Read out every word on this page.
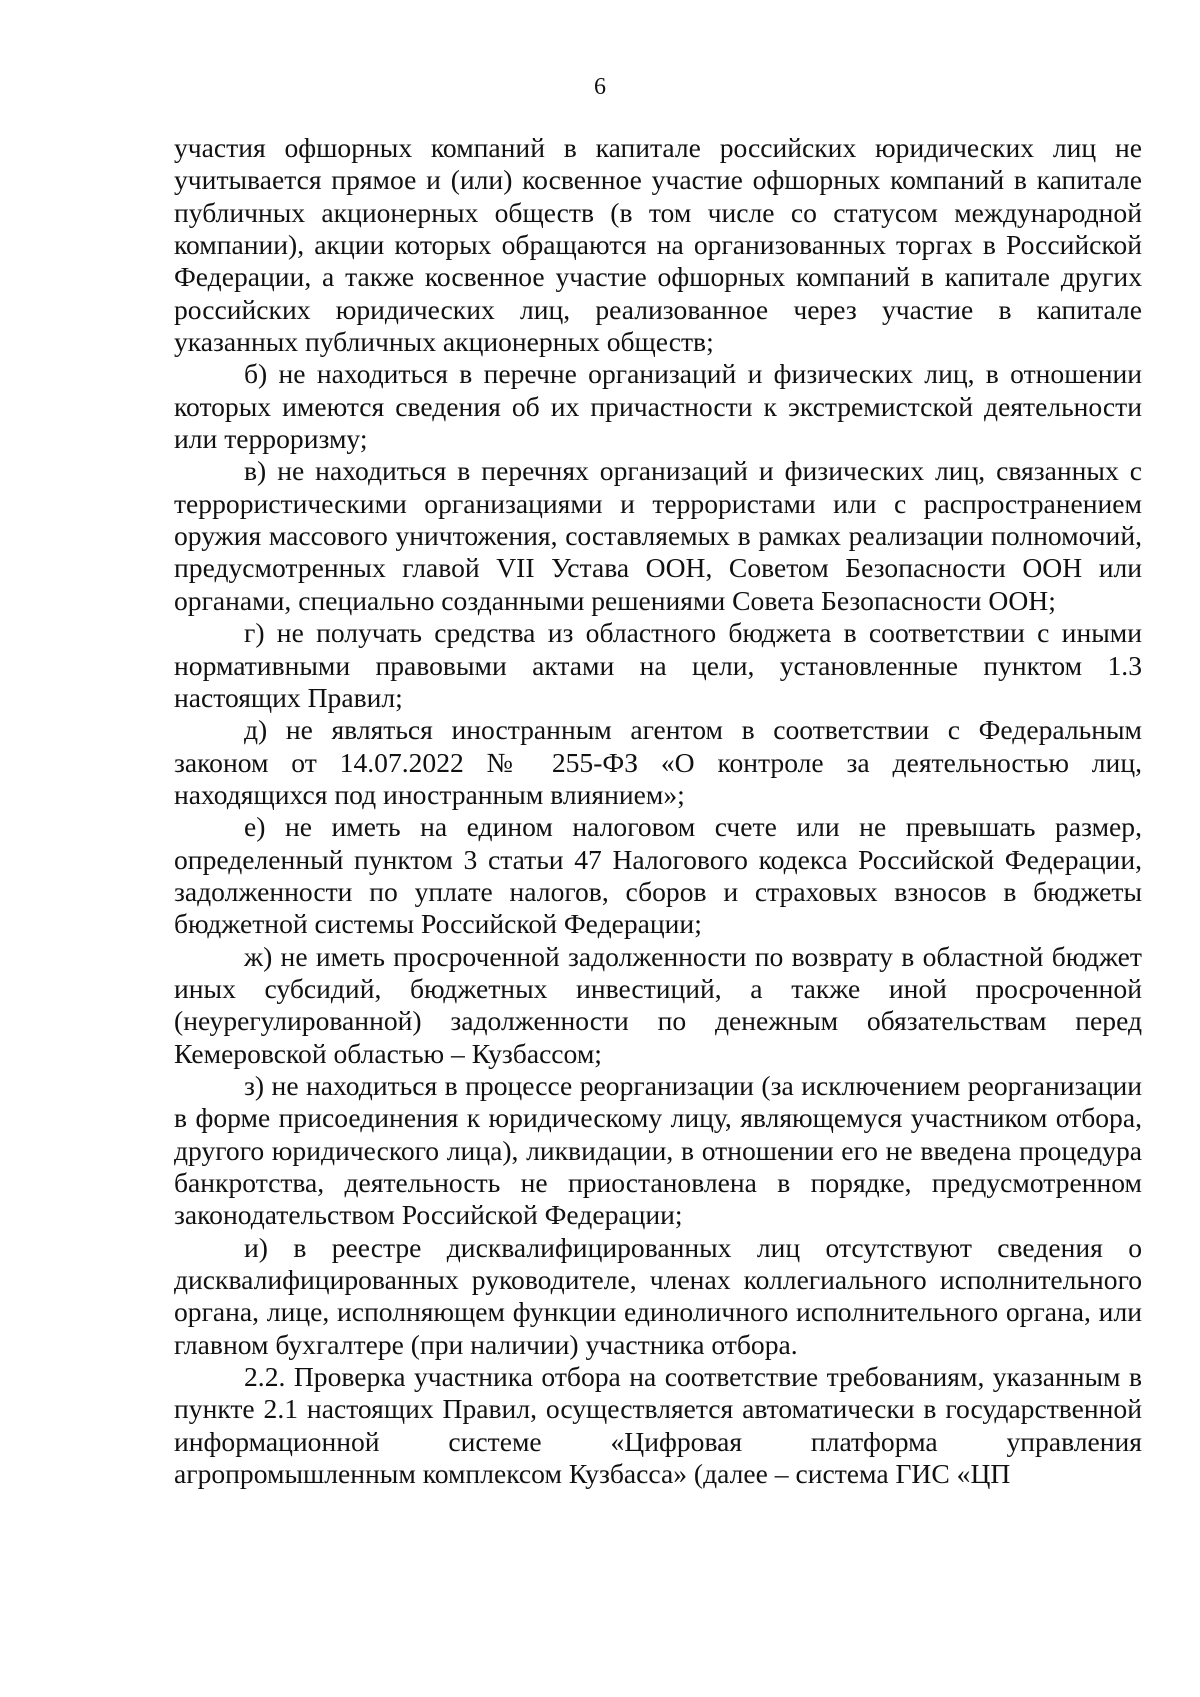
6

участия офшорных компаний в капитале российских юридических лиц не учитывается прямое и (или) косвенное участие офшорных компаний в капитале публичных акционерных обществ (в том числе со статусом международной компании), акции которых обращаются на организованных торгах в Российской Федерации, а также косвенное участие офшорных компаний в капитале других российских юридических лиц, реализованное через участие в капитале указанных публичных акционерных обществ;

б) не находиться в перечне организаций и физических лиц, в отношении которых имеются сведения об их причастности к экстремистской деятельности или терроризму;

в) не находиться в перечнях организаций и физических лиц, связанных с террористическими организациями и террористами или с распространением оружия массового уничтожения, составляемых в рамках реализации полномочий, предусмотренных главой VII Устава ООН, Советом Безопасности ООН или органами, специально созданными решениями Совета Безопасности ООН;

г) не получать средства из областного бюджета в соответствии с иными нормативными правовыми актами на цели, установленные пунктом 1.3 настоящих Правил;

д) не являться иностранным агентом в соответствии с Федеральным законом от 14.07.2022 № 255-ФЗ «О контроле за деятельностью лиц, находящихся под иностранным влиянием»;

е) не иметь на едином налоговом счете или не превышать размер, определенный пунктом 3 статьи 47 Налогового кодекса Российской Федерации, задолженности по уплате налогов, сборов и страховых взносов в бюджеты бюджетной системы Российской Федерации;

ж) не иметь просроченной задолженности по возврату в областной бюджет иных субсидий, бюджетных инвестиций, а также иной просроченной (неурегулированной) задолженности по денежным обязательствам перед Кемеровской областью – Кузбассом;

з) не находиться в процессе реорганизации (за исключением реорганизации в форме присоединения к юридическому лицу, являющемуся участником отбора, другого юридического лица), ликвидации, в отношении его не введена процедура банкротства, деятельность не приостановлена в порядке, предусмотренном законодательством Российской Федерации;

и) в реестре дисквалифицированных лиц отсутствуют сведения о дисквалифицированных руководителе, членах коллегиального исполнительного органа, лице, исполняющем функции единоличного исполнительного органа, или главном бухгалтере (при наличии) участника отбора.

2.2. Проверка участника отбора на соответствие требованиям, указанным в пункте 2.1 настоящих Правил, осуществляется автоматически в государственной информационной системе «Цифровая платформа управления агропромышленным комплексом Кузбасса» (далее – система ГИС «ЦП
